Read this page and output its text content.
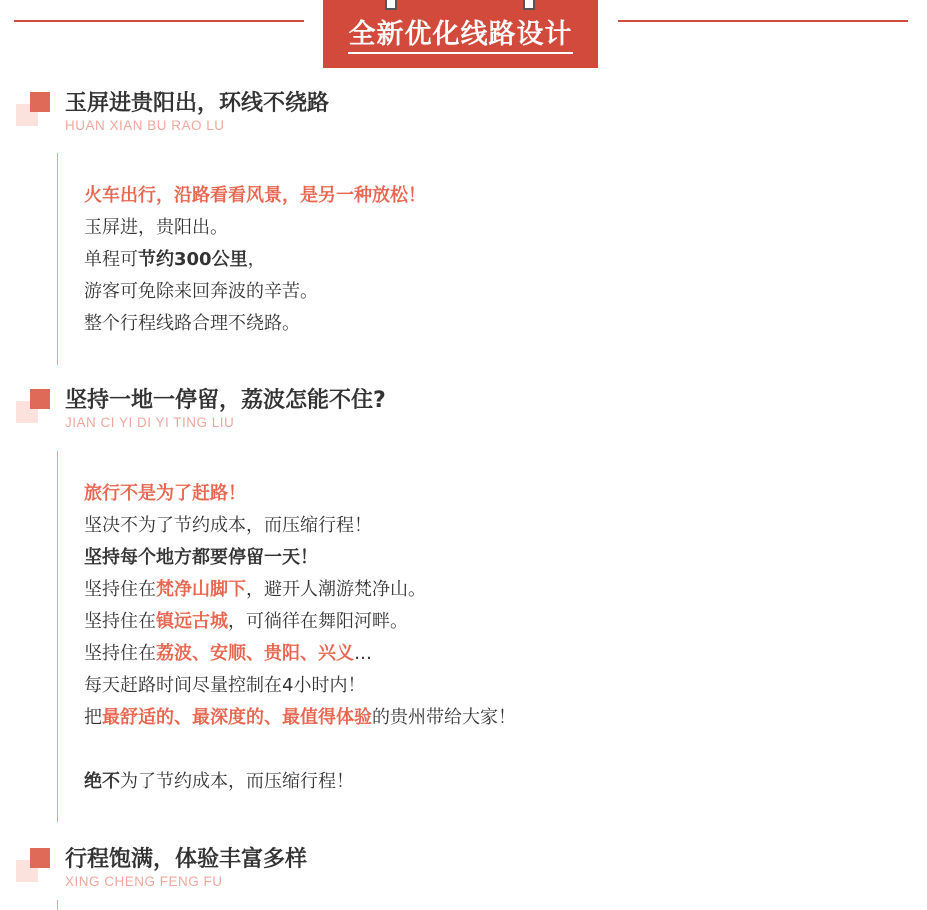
全新优化线路设计
玉屏进贵阳出，环线不绕路
HUAN XIAN BU RAO LU
火车出行，沿路看看风景，是另一种放松！
玉屏进，贵阳出。
单程可节约300公里，
游客可免除来回奔波的辛苦。
整个行程线路合理不绕路。
坚持一地一停留，荔波怎能不住?
JIAN CI YI DI YI TING LIU
旅行不是为了赶路！
坚决不为了节约成本，而压缩行程！
坚持每个地方都要停留一天！
坚持住在梵净山脚下，避开人潮游梵净山。
坚持住在镇远古城，可徜徉在舞阳河畔。
坚持住在荔波、安顺、贵阳、兴义…
每天赶路时间尽量控制在4小时内！
把最舒适的、最深度的、最值得体验的贵州带给大家！
绝不为了节约成本，而压缩行程！
行程饱满，体验丰富多样
XING CHENG FENG FU
